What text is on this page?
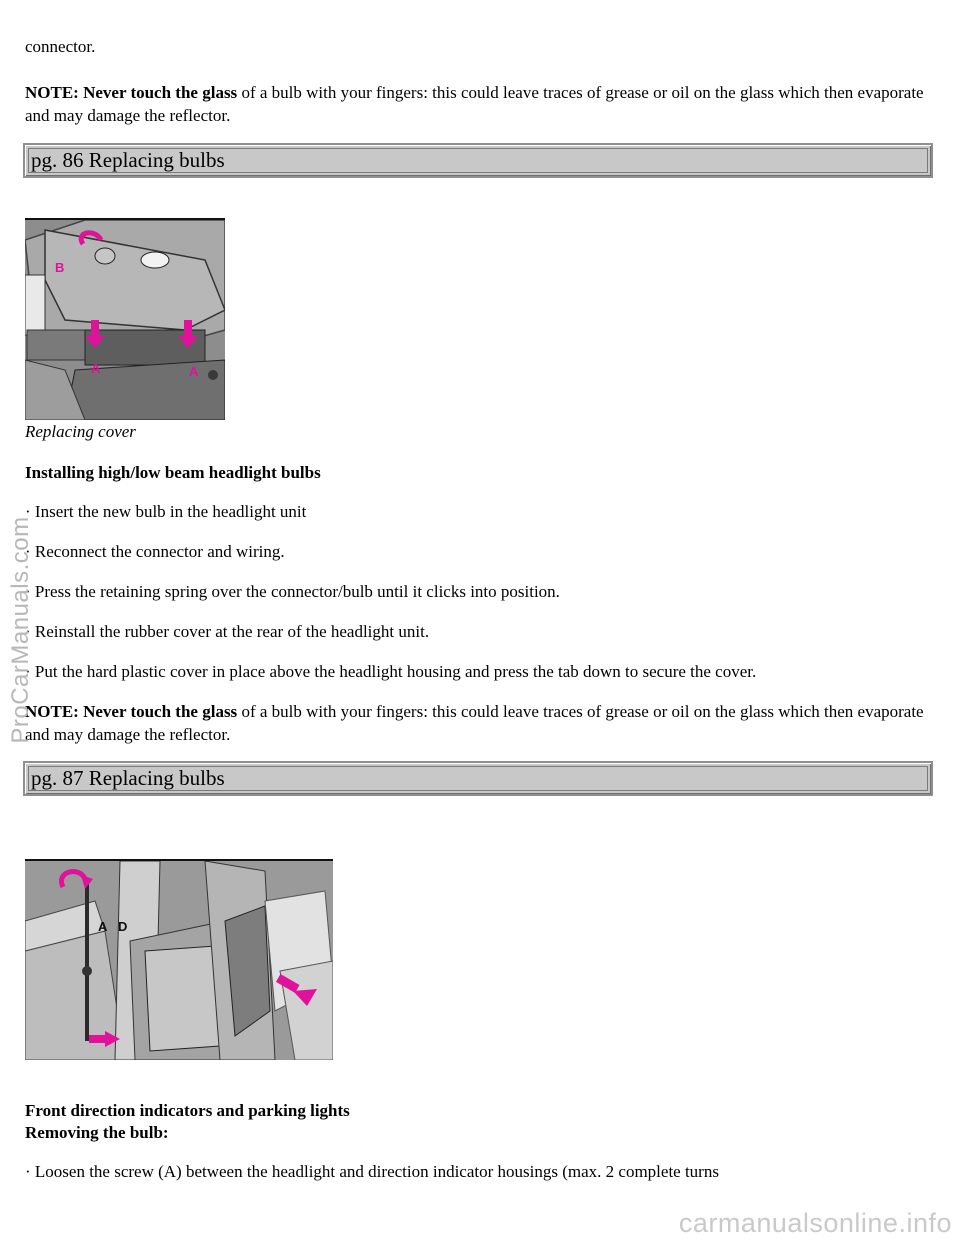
connector.
NOTE: Never touch the glass of a bulb with your fingers: this could leave traces of grease or oil on the glass which then evaporate and may damage the reflector.
pg. 86 Replacing bulbs
B
A	A
Replacing cover
Installing high/low beam headlight bulbs
· Insert the new bulb in the headlight unit
· Reconnect the connector and wiring.
· Press the retaining spring over the connector/bulb until it clicks into position.
· Reinstall the rubber cover at the rear of the headlight unit.
· Put the hard plastic cover in place above the headlight housing and press the tab down to secure the cover.
NOTE: Never touch the glass of a bulb with your fingers: this could leave traces of grease or oil on the glass which then evaporate and may damage the reflector.
pg. 87 Replacing bulbs
A D
Front direction indicators and parking lights
Removing the bulb:
· Loosen the screw (A) between the headlight and direction indicator housings (max. 2 complete turns
ProCarManuals.com
carmanualsonline.info
